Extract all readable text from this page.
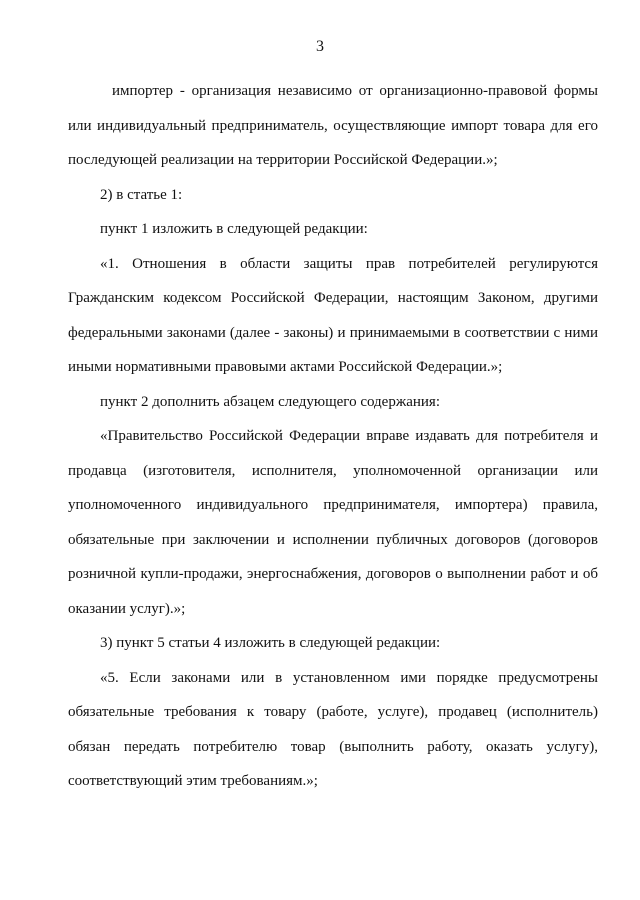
3

импортер - организация независимо от организационно-правовой формы или индивидуальный предприниматель, осуществляющие импорт товара для его последующей реализации на территории Российской Федерации.»;

2) в статье 1:

пункт 1 изложить в следующей редакции:

«1. Отношения в области защиты прав потребителей регулируются Гражданским кодексом Российской Федерации, настоящим Законом, другими федеральными законами (далее - законы) и принимаемыми в соответствии с ними иными нормативными правовыми актами Российской Федерации.»;

пункт 2 дополнить абзацем следующего содержания:

«Правительство Российской Федерации вправе издавать для потребителя и продавца (изготовителя, исполнителя, уполномоченной организации или уполномоченного индивидуального предпринимателя, импортера) правила, обязательные при заключении и исполнении публичных договоров (договоров розничной купли-продажи, энергоснабжения, договоров о выполнении работ и об оказании услуг).»;

3) пункт 5 статьи 4 изложить в следующей редакции:

«5. Если законами или в установленном ими порядке предусмотрены обязательные требования к товару (работе, услуге), продавец (исполнитель) обязан передать потребителю товар (выполнить работу, оказать услугу), соответствующий этим требованиям.»;
